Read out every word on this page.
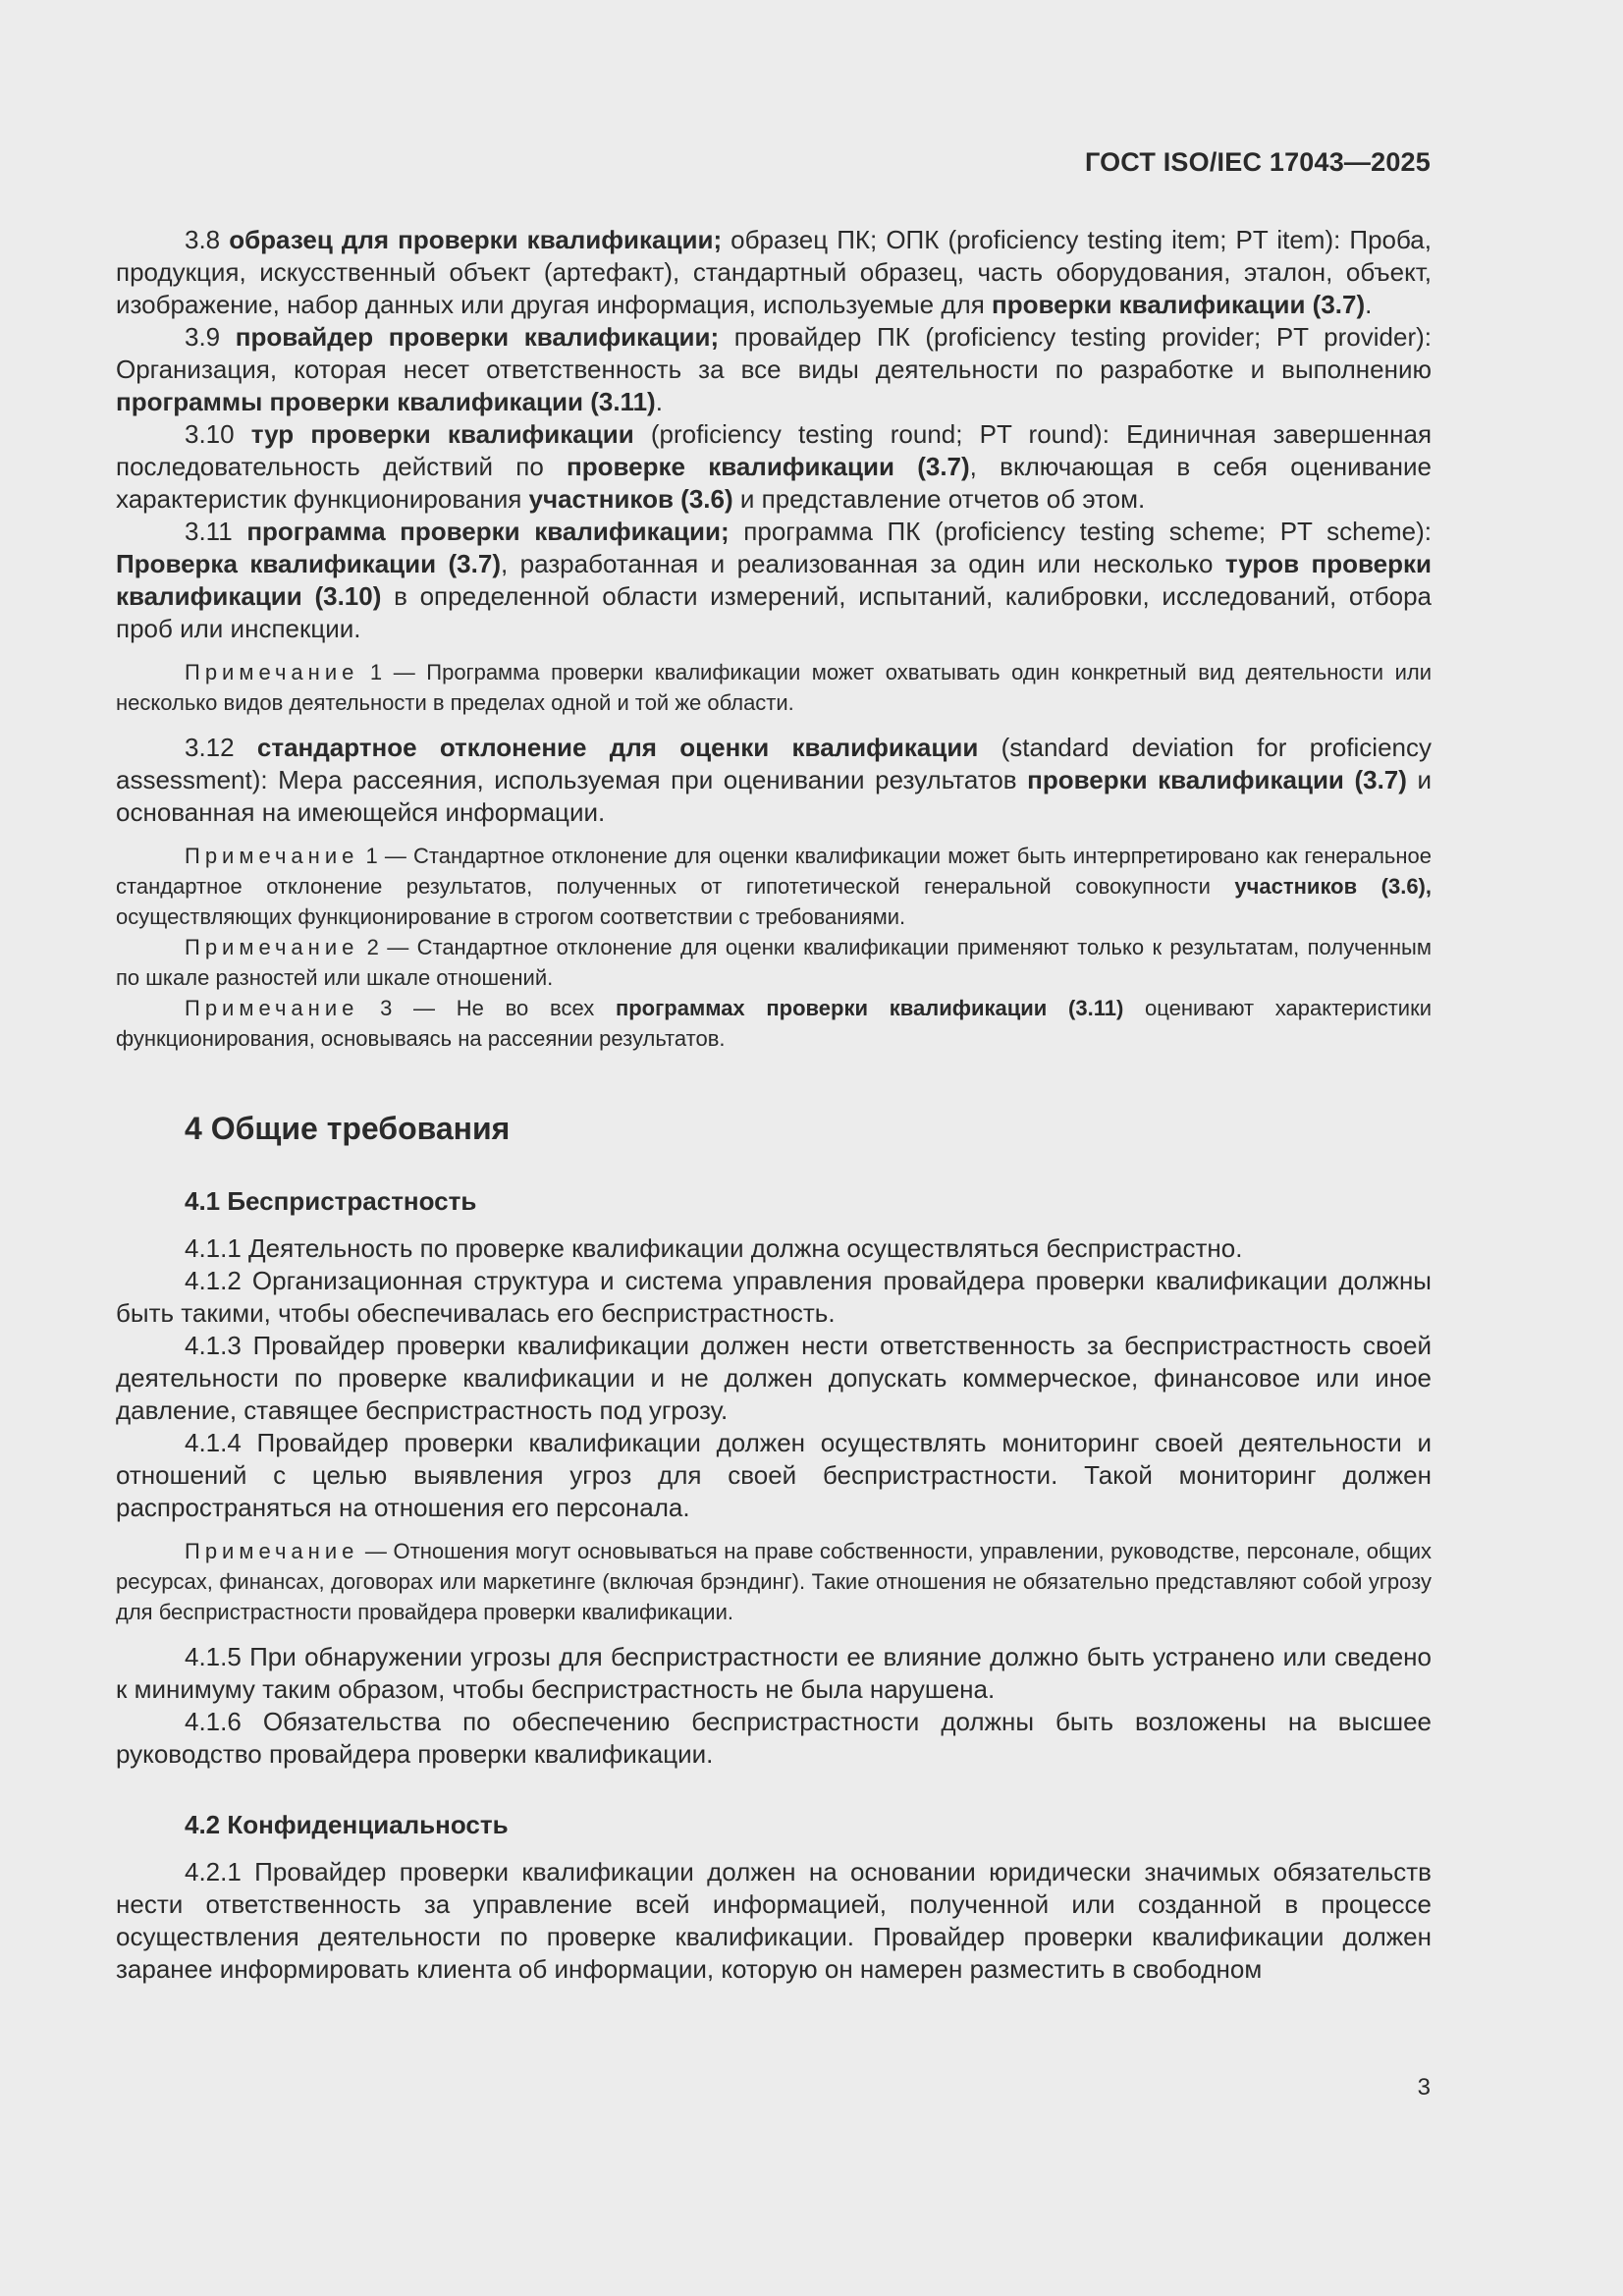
ГОСТ ISO/IEC 17043—2025

3.8 образец для проверки квалификации; образец ПК; ОПК (proficiency testing item; PT item): Проба, продукция, искусственный объект (артефакт), стандартный образец, часть оборудования, эталон, объект, изображение, набор данных или другая информация, используемые для проверки квалификации (3.7).

3.9 провайдер проверки квалификации; провайдер ПК (proficiency testing provider; PT provider): Организация, которая несет ответственность за все виды деятельности по разработке и выполнению программы проверки квалификации (3.11).

3.10 тур проверки квалификации (proficiency testing round; PT round): Единичная завершенная последовательность действий по проверке квалификации (3.7), включающая в себя оценивание характеристик функционирования участников (3.6) и представление отчетов об этом.

3.11 программа проверки квалификации; программа ПК (proficiency testing scheme; PT scheme): Проверка квалификации (3.7), разработанная и реализованная за один или несколько туров проверки квалификации (3.10) в определенной области измерений, испытаний, калибровки, исследований, отбора проб или инспекции.

Примечание 1 — Программа проверки квалификации может охватывать один конкретный вид деятельности или несколько видов деятельности в пределах одной и той же области.

3.12 стандартное отклонение для оценки квалификации (standard deviation for proficiency assessment): Мера рассеяния, используемая при оценивании результатов проверки квалификации (3.7) и основанная на имеющейся информации.

Примечание 1 — Стандартное отклонение для оценки квалификации может быть интерпретировано как генеральное стандартное отклонение результатов, полученных от гипотетической генеральной совокупности участников (3.6), осуществляющих функционирование в строгом соответствии с требованиями.

Примечание 2 — Стандартное отклонение для оценки квалификации применяют только к результатам, полученным по шкале разностей или шкале отношений.

Примечание 3 — Не во всех программах проверки квалификации (3.11) оценивают характеристики функционирования, основываясь на рассеянии результатов.

4 Общие требования
4.1 Беспристрастность

4.1.1 Деятельность по проверке квалификации должна осуществляться беспристрастно.

4.1.2 Организационная структура и система управления провайдера проверки квалификации должны быть такими, чтобы обеспечивалась его беспристрастность.

4.1.3 Провайдер проверки квалификации должен нести ответственность за беспристрастность своей деятельности по проверке квалификации и не должен допускать коммерческое, финансовое или иное давление, ставящее беспристрастность под угрозу.

4.1.4 Провайдер проверки квалификации должен осуществлять мониторинг своей деятельности и отношений с целью выявления угроз для своей беспристрастности. Такой мониторинг должен распространяться на отношения его персонала.

Примечание — Отношения могут основываться на праве собственности, управлении, руководстве, персонале, общих ресурсах, финансах, договорах или маркетинге (включая брэндинг). Такие отношения не обязательно представляют собой угрозу для беспристрастности провайдера проверки квалификации.

4.1.5 При обнаружении угрозы для беспристрастности ее влияние должно быть устранено или сведено к минимуму таким образом, чтобы беспристрастность не была нарушена.

4.1.6 Обязательства по обеспечению беспристрастности должны быть возложены на высшее руководство провайдера проверки квалификации.

4.2 Конфиденциальность

4.2.1 Провайдер проверки квалификации должен на основании юридически значимых обязательств нести ответственность за управление всей информацией, полученной или созданной в процессе осуществления деятельности по проверке квалификации. Провайдер проверки квалификации должен заранее информировать клиента об информации, которую он намерен разместить в свободном

3
